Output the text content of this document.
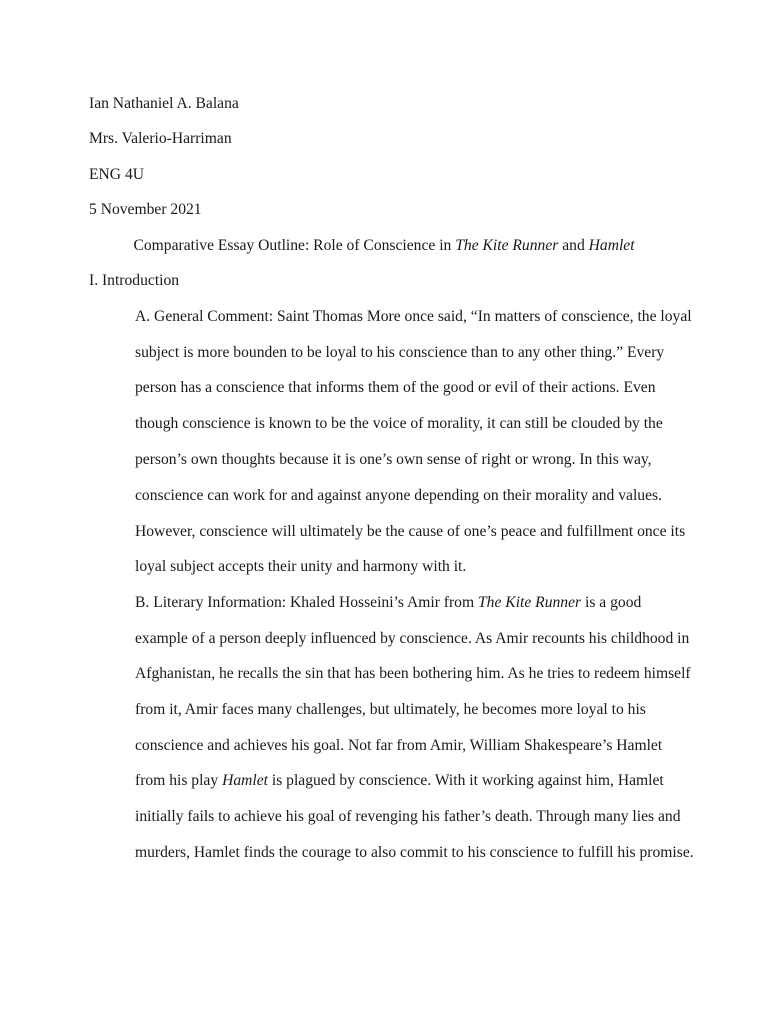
Ian Nathaniel A. Balana
Mrs. Valerio-Harriman
ENG 4U
5 November 2021
Comparative Essay Outline: Role of Conscience in The Kite Runner and Hamlet
I. Introduction
A. General Comment: Saint Thomas More once said, “In matters of conscience, the loyal
subject is more bounden to be loyal to his conscience than to any other thing.” Every
person has a conscience that informs them of the good or evil of their actions. Even
though conscience is known to be the voice of morality, it can still be clouded by the
person’s own thoughts because it is one’s own sense of right or wrong. In this way,
conscience can work for and against anyone depending on their morality and values.
However, conscience will ultimately be the cause of one’s peace and fulfillment once its
loyal subject accepts their unity and harmony with it.
B. Literary Information: Khaled Hosseini’s Amir from The Kite Runner is a good
example of a person deeply influenced by conscience. As Amir recounts his childhood in
Afghanistan, he recalls the sin that has been bothering him. As he tries to redeem himself
from it, Amir faces many challenges, but ultimately, he becomes more loyal to his
conscience and achieves his goal. Not far from Amir, William Shakespeare’s Hamlet
from his play Hamlet is plagued by conscience. With it working against him, Hamlet
initially fails to achieve his goal of revenging his father’s death. Through many lies and
murders, Hamlet finds the courage to also commit to his conscience to fulfill his promise.
